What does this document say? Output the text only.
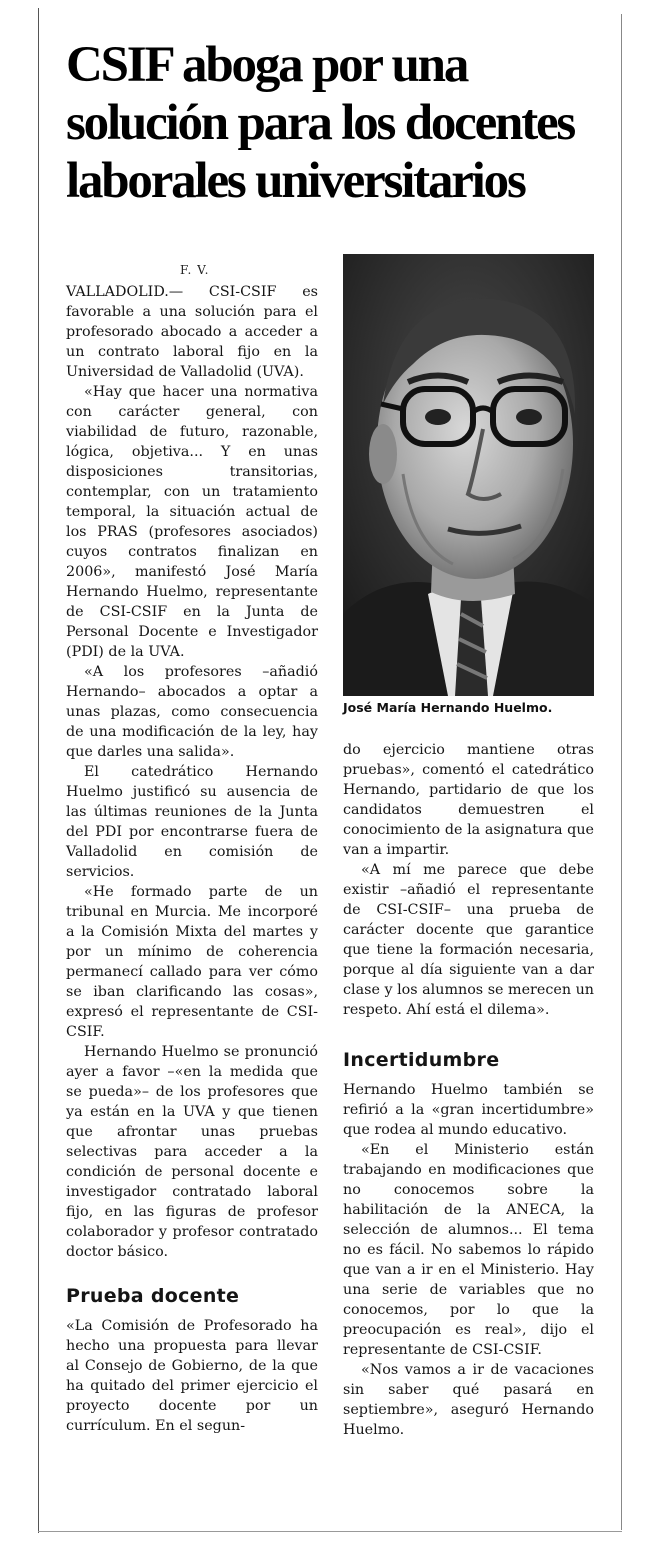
CSIF aboga por una
solución para los docentes
laborales universitarios
F. V.

VALLADOLID.— CSI-CSIF es favorable a una solución para el profesorado abocado a acceder a un contrato laboral fijo en la Universidad de Valladolid (UVA).

«Hay que hacer una normativa con carácter general, con viabilidad de futuro, razonable, lógica, objetiva... Y en unas disposiciones transitorias, contemplar, con un tratamiento temporal, la situación actual de los PRAS (profesores asociados) cuyos contratos finalizan en 2006», manifestó José María Hernando Huelmo, representante de CSI-CSIF en la Junta de Personal Docente e Investigador (PDI) de la UVA.

«A los profesores –añadió Hernando– abocados a optar a unas plazas, como consecuencia de una modificación de la ley, hay que darles una salida».

El catedrático Hernando Huelmo justificó su ausencia de las últimas reuniones de la Junta del PDI por encontrarse fuera de Valladolid en comisión de servicios.

«He formado parte de un tribunal en Murcia. Me incorporé a la Comisión Mixta del martes y por un mínimo de coherencia permanecí callado para ver cómo se iban clarificando las cosas», expresó el representante de CSI-CSIF.

Hernando Huelmo se pronunció ayer a favor –«en la medida que se pueda»– de los profesores que ya están en la UVA y que tienen que afrontar unas pruebas selectivas para acceder a la condición de personal docente e investigador contratado laboral fijo, en las figuras de profesor colaborador y profesor contratado doctor básico.

Prueba docente

«La Comisión de Profesorado ha hecho una propuesta para llevar al Consejo de Gobierno, de la que ha quitado del primer ejercicio el proyecto docente por un currículum. En el segun-

José María Hernando Huelmo.

do ejercicio mantiene otras pruebas», comentó el catedrático Hernando, partidario de que los candidatos demuestren el conocimiento de la asignatura que van a impartir.

«A mí me parece que debe existir –añadió el representante de CSI-CSIF– una prueba de carácter docente que garantice que tiene la formación necesaria, porque al día siguiente van a dar clase y los alumnos se merecen un respeto. Ahí está el dilema».

Incertidumbre

Hernando Huelmo también se refirió a la «gran incertidumbre» que rodea al mundo educativo.

«En el Ministerio están trabajando en modificaciones que no conocemos sobre la habilitación de la ANECA, la selección de alumnos... El tema no es fácil. No sabemos lo rápido que van a ir en el Ministerio. Hay una serie de variables que no conocemos, por lo que la preocupación es real», dijo el representante de CSI-CSIF.

«Nos vamos a ir de vacaciones sin saber qué pasará en septiembre», aseguró Hernando Huelmo.
